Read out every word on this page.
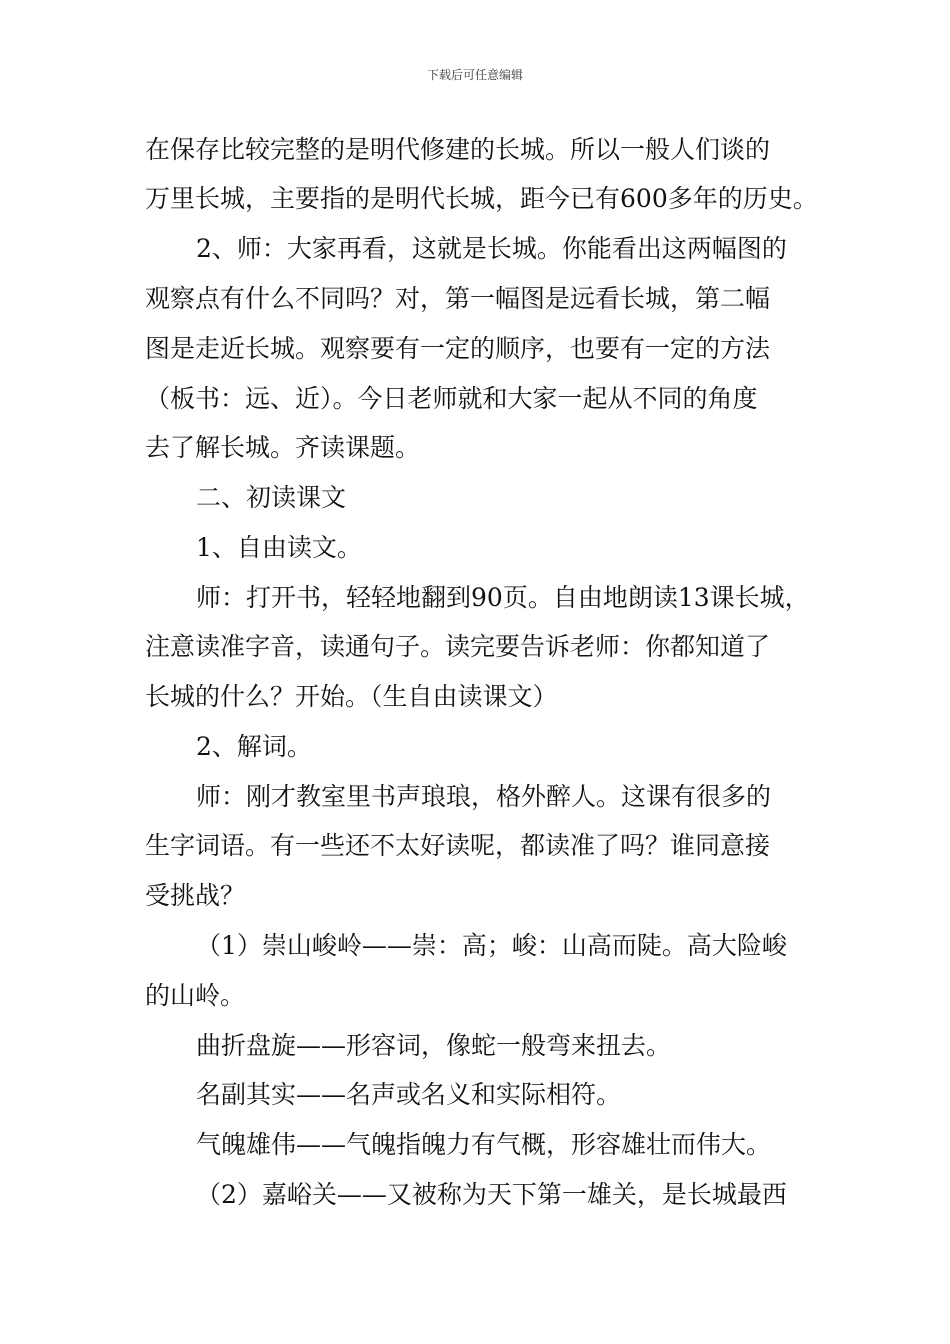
下载后可任意编辑
在保存比较完整的是明代修建的长城。所以一般人们谈的
万里长城，主要指的是明代长城，距今已有600多年的历史。
2、师：大家再看，这就是长城。你能看出这两幅图的
观察点有什么不同吗？对，第一幅图是远看长城，第二幅
图是走近长城。观察要有一定的顺序，也要有一定的方法
（板书：远、近）。今日老师就和大家一起从不同的角度
去了解长城。齐读课题。
二、初读课文
1、自由读文。
师：打开书，轻轻地翻到90页。自由地朗读13课长城，
注意读准字音，读通句子。读完要告诉老师：你都知道了
长城的什么？开始。（生自由读课文）
2、解词。
师：刚才教室里书声琅琅，格外醉人。这课有很多的
生字词语。有一些还不太好读呢，都读准了吗？谁同意接
受挑战？
（1）崇山峻岭——崇：高；峻：山高而陡。高大险峻
的山岭。
曲折盘旋——形容词，像蛇一般弯来扭去。
名副其实——名声或名义和实际相符。
气魄雄伟——气魄指魄力有气概，形容雄壮而伟大。
（2）嘉峪关——又被称为天下第一雄关，是长城最西
